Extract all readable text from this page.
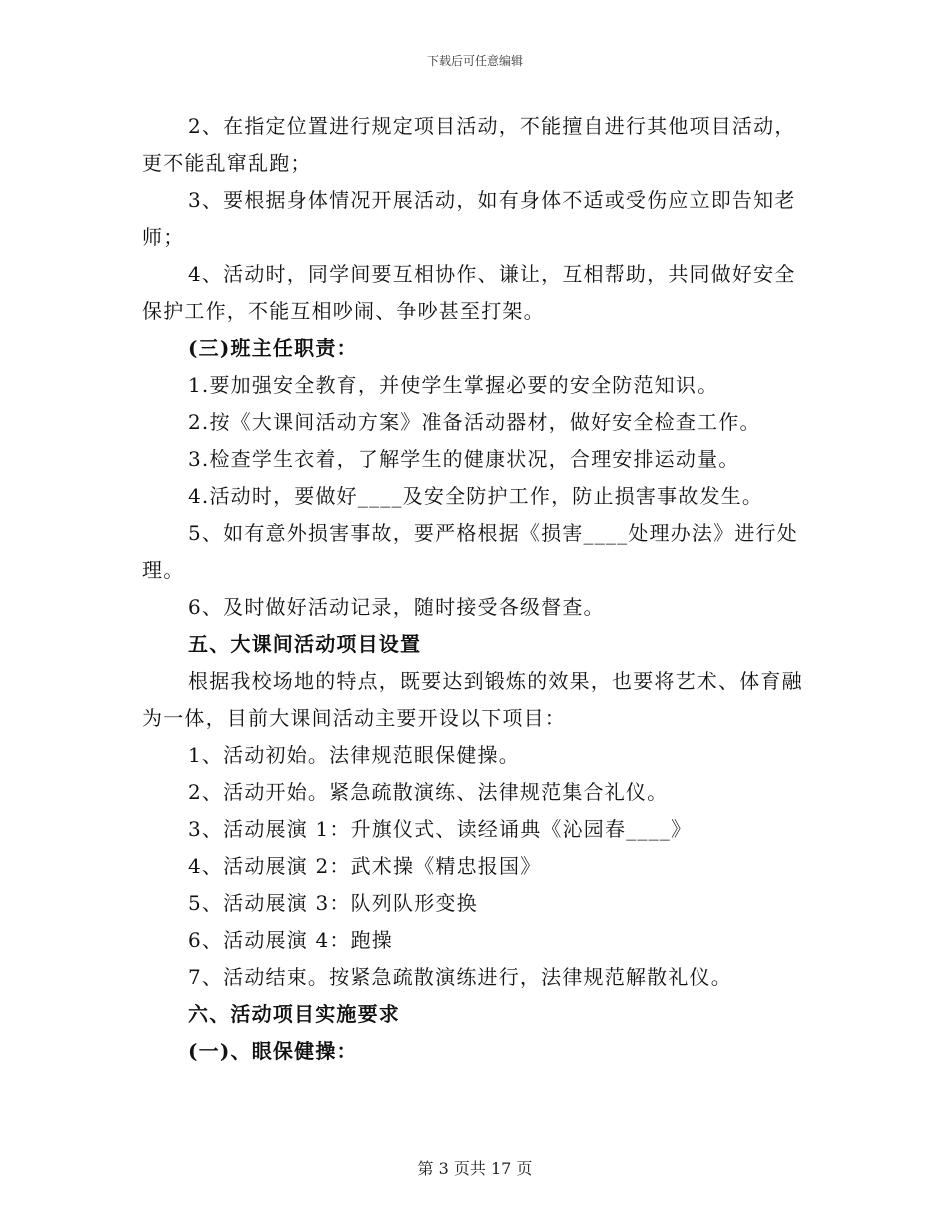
下载后可任意编辑

2、在指定位置进行规定项目活动，不能擅自进行其他项目活动，更不能乱窜乱跑；

3、要根据身体情况开展活动，如有身体不适或受伤应立即告知老师；

4、活动时，同学间要互相协作、谦让，互相帮助，共同做好安全保护工作，不能互相吵闹、争吵甚至打架。

(三)班主任职责：

1.要加强安全教育，并使学生掌握必要的安全防范知识。

2.按《大课间活动方案》准备活动器材，做好安全检查工作。

3.检查学生衣着，了解学生的健康状况，合理安排运动量。

4.活动时，要做好____及安全防护工作，防止损害事故发生。

5、如有意外损害事故，要严格根据《损害____处理办法》进行处理。

6、及时做好活动记录，随时接受各级督查。

五、大课间活动项目设置

根据我校场地的特点，既要达到锻炼的效果，也要将艺术、体育融为一体，目前大课间活动主要开设以下项目：

1、活动初始。法律规范眼保健操。

2、活动开始。紧急疏散演练、法律规范集合礼仪。

3、活动展演 1：升旗仪式、读经诵典《沁园春____》

4、活动展演 2：武术操《精忠报国》

5、活动展演 3：队列队形变换

6、活动展演 4：跑操

7、活动结束。按紧急疏散演练进行，法律规范解散礼仪。

六、活动项目实施要求

(一)、眼保健操：

第 3 页共 17 页
